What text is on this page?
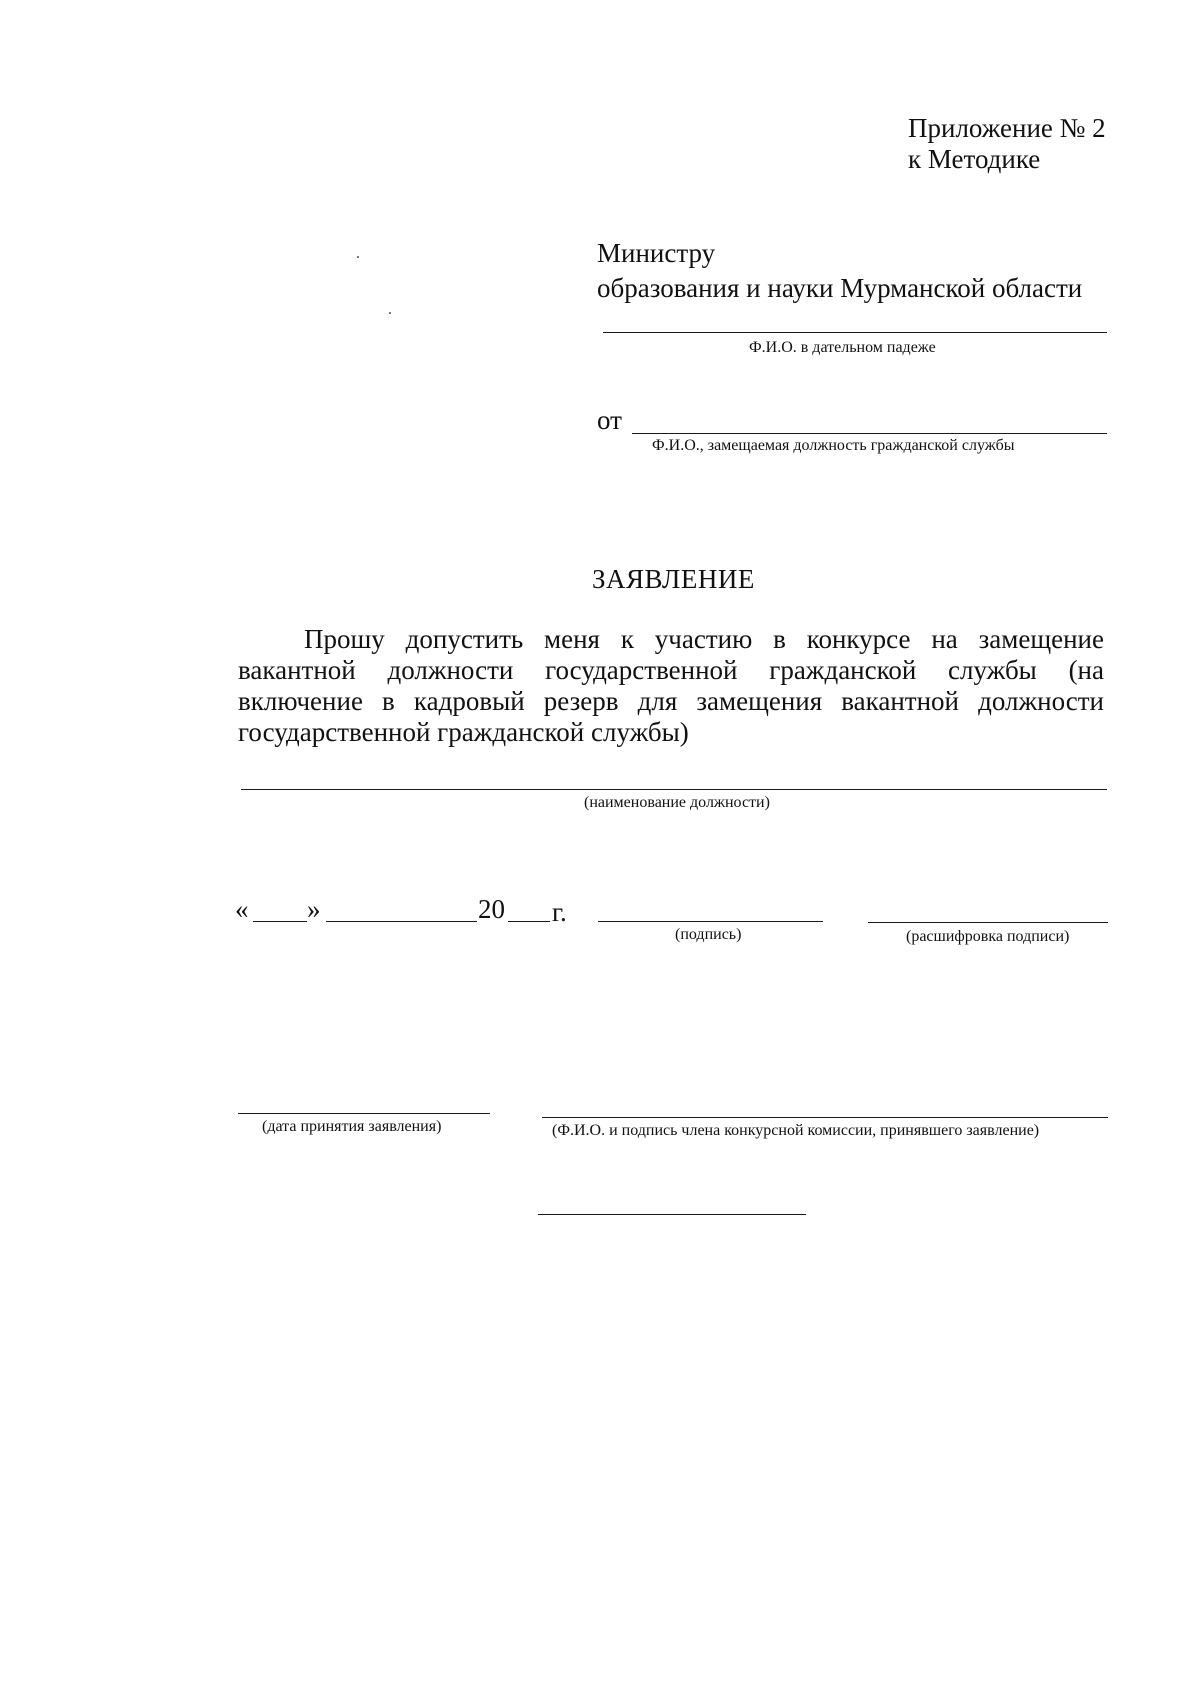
Приложение № 2
к Методике
Министру
образования и науки Мурманской области
Ф.И.О. в дательном падеже
от
Ф.И.О., замещаемая должность гражданской службы
ЗАЯВЛЕНИЕ

Прошу допустить меня к участию в конкурсе на замещение вакантной должности государственной гражданской службы (на включение в кадровый резерв для замещения вакантной должности государственной гражданской службы)

(наименование должности)
« »	20 г.
(подпись)	(расшифровка подписи)
(дата принятия заявления)	(Ф.И.О. и подпись члена конкурсной комиссии, принявшего заявление)
